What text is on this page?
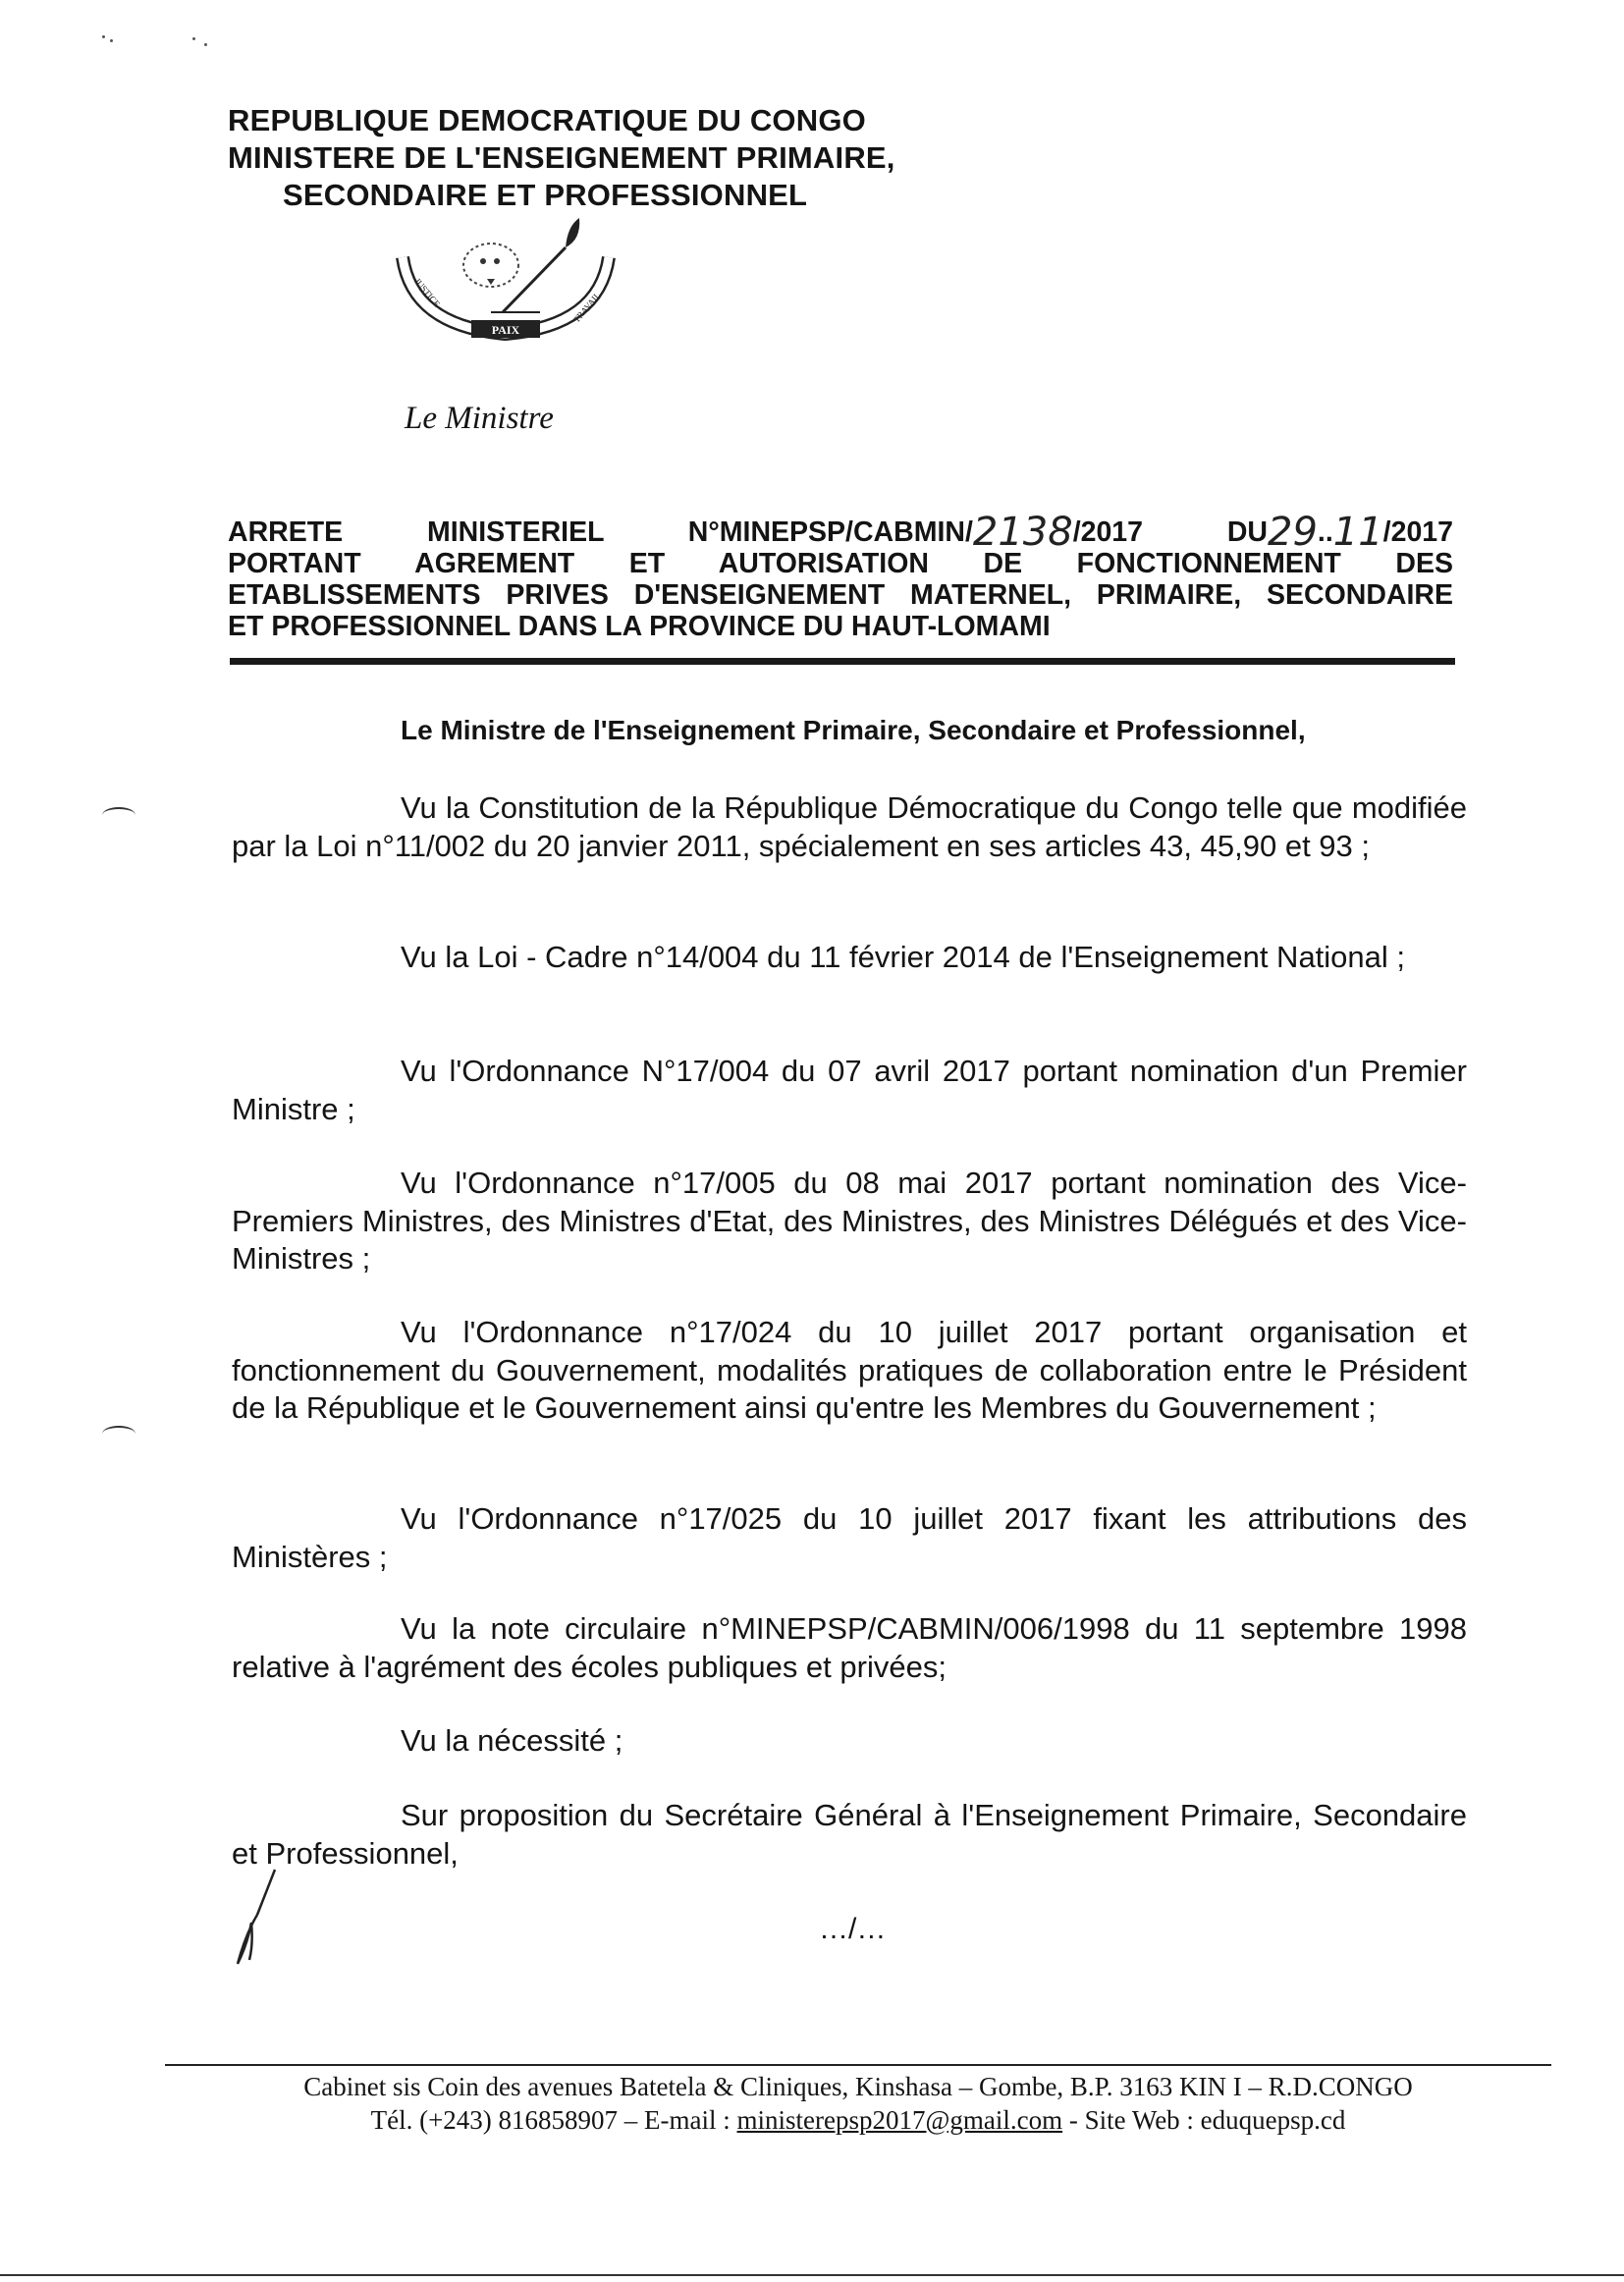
REPUBLIQUE DEMOCRATIQUE DU CONGO
MINISTERE DE L'ENSEIGNEMENT PRIMAIRE,
SECONDAIRE ET PROFESSIONNEL
PAIX
JUSTICE	TRAVAIL
Le Ministre
ARRETE MINISTERIEL N°MINEPSP/CABMIN/2138/2017	DU29..11/2017
PORTANT AGREMENT ET AUTORISATION DE FONCTIONNEMENT DES
ETABLISSEMENTS PRIVES D'ENSEIGNEMENT MATERNEL, PRIMAIRE, SECONDAIRE
ET PROFESSIONNEL DANS LA PROVINCE DU HAUT-LOMAMI
Le Ministre de l'Enseignement Primaire, Secondaire et Professionnel,
Vu la Constitution de la République Démocratique du Congo telle que modifiée par la Loi n°11/002 du 20 janvier 2011, spécialement en ses articles 43, 45,90 et 93 ;
Vu la Loi - Cadre n°14/004 du 11 février 2014 de l'Enseignement National ;
Vu l'Ordonnance N°17/004 du 07 avril 2017 portant nomination d'un Premier Ministre ;
Vu l'Ordonnance n°17/005 du 08 mai 2017 portant nomination des Vice-Premiers Ministres, des Ministres d'Etat, des Ministres, des Ministres Délégués et des Vice-Ministres ;
Vu l'Ordonnance n°17/024 du 10 juillet 2017 portant organisation et fonctionnement du Gouvernement, modalités pratiques de collaboration entre le Président de la République et le Gouvernement ainsi qu'entre les Membres du Gouvernement ;
Vu l'Ordonnance n°17/025 du 10 juillet 2017 fixant les attributions des Ministères ;
Vu la note circulaire n°MINEPSP/CABMIN/006/1998 du 11 septembre 1998 relative à l'agrément des écoles publiques et privées;
Vu la nécessité ;
Sur proposition du Secrétaire Général à l'Enseignement Primaire, Secondaire et Professionnel,
…/…
Cabinet sis Coin des avenues Batetela & Cliniques, Kinshasa – Gombe, B.P. 3163 KIN I – R.D.CONGO
Tél. (+243) 816858907 – E-mail : ministerepsp2017@gmail.com - Site Web : eduquepsp.cd
